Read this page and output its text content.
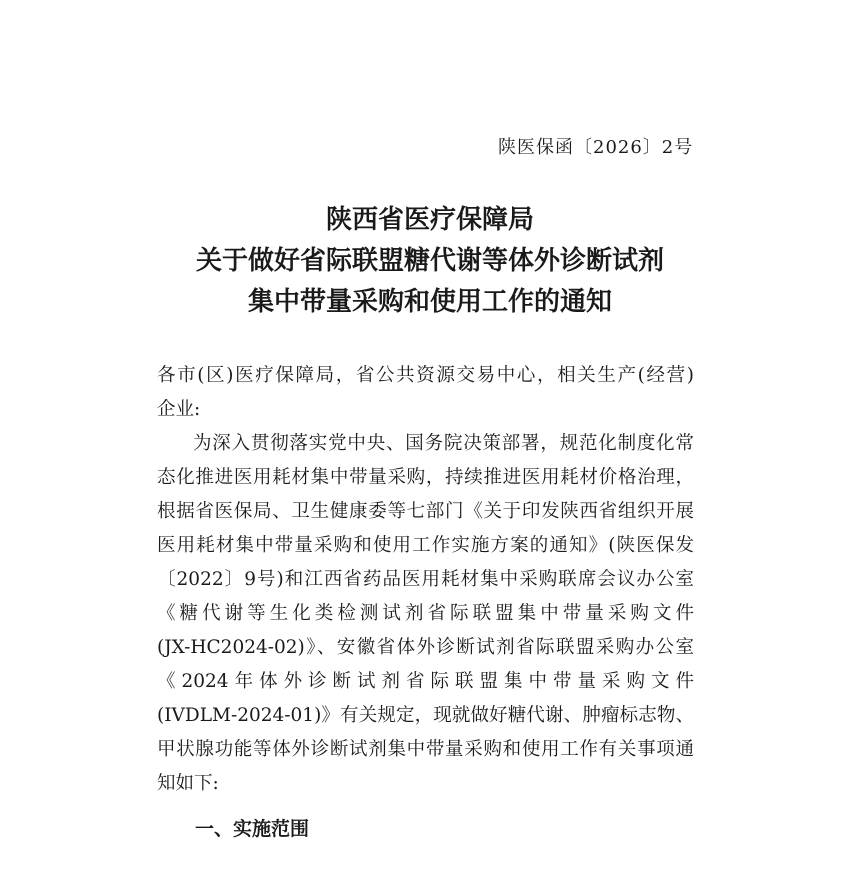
陕医保函〔2026〕2号
陕西省医疗保障局
关于做好省际联盟糖代谢等体外诊断试剂
集中带量采购和使用工作的通知
各市(区)医疗保障局，省公共资源交易中心，相关生产(经营)
企业:
为深入贯彻落实党中央、国务院决策部署，规范化制度化常
态化推进医用耗材集中带量采购，持续推进医用耗材价格治理，
根据省医保局、卫生健康委等七部门《关于印发陕西省组织开展
医用耗材集中带量采购和使用工作实施方案的通知》(陕医保发
〔2022〕9号)和江西省药品医用耗材集中采购联席会议办公室
《糖代谢等生化类检测试剂省际联盟集中带量采购文件
(JX-HC2024-02)》、安徽省体外诊断试剂省际联盟采购办公室
《2024年体外诊断试剂省际联盟集中带量采购文件
(IVDLM-2024-01)》有关规定，现就做好糖代谢、肿瘤标志物、
甲状腺功能等体外诊断试剂集中带量采购和使用工作有关事项通
知如下:
一、实施范围
